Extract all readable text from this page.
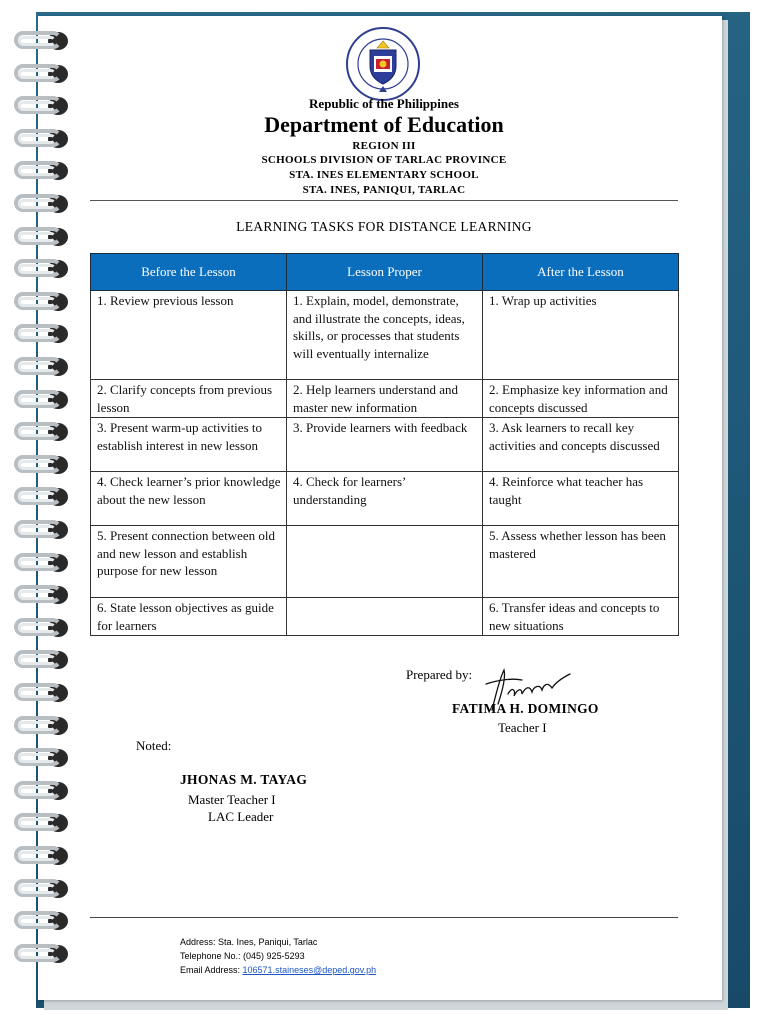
Republic of the Philippines
Department of Education
REGION III
SCHOOLS DIVISION OF TARLAC PROVINCE
STA. INES ELEMENTARY SCHOOL
STA. INES, PANIQUI, TARLAC
LEARNING TASKS FOR DISTANCE LEARNING
Before the Lesson	Lesson Proper	After the Lesson
1. Review previous lesson	1. Explain, model, demonstrate, and illustrate the concepts, ideas, skills, or processes that students will eventually internalize	1. Wrap up activities
2. Clarify concepts from previous lesson	2. Help learners understand and master new information	2. Emphasize key information and concepts discussed
3. Present warm-up activities to establish interest in new lesson	3. Provide learners with feedback	3. Ask learners to recall key activities and concepts discussed
4. Check learner’s prior knowledge about the new lesson	4. Check for learners’ understanding	4. Reinforce what teacher has taught
5. Present connection between old and new lesson and establish purpose for new lesson		5. Assess whether lesson has been mastered
6. State lesson objectives as guide for learners		6. Transfer ideas and concepts to new situations
Prepared by:
FATIMA H. DOMINGO
Teacher I
Noted:
JHONAS M. TAYAG
Master Teacher I
LAC Leader
Address: Sta. Ines, Paniqui, Tarlac
Telephone No.: (045) 925-5293
Email Address: 106571.staineses@deped.gov.ph
